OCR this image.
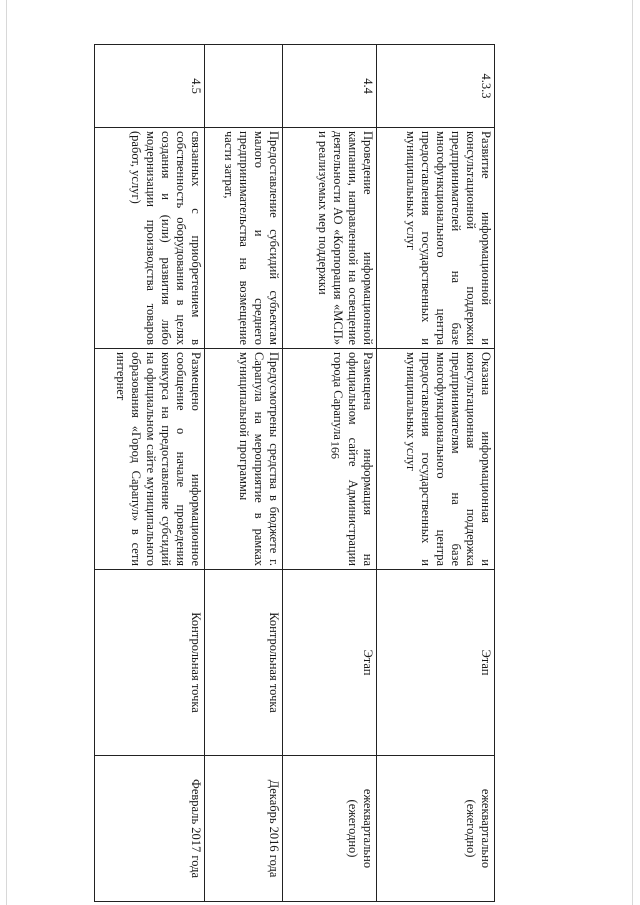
166
4.3.3	Развитие информационной и консультационной поддержки предпринимателей на базе многофункционального центра предоставления государственных и муниципальных услуг	Оказана информационная и консультационная поддержка предпринимателям на базе многофункционального центра предоставления государственных и муниципальных услуг	Этап	ежеквартально (ежегодно)
4.4	Проведение информационной кампании, направленной на освещение деятельности АО «Корпорация «МСП» и реализуемых мер поддержки	Размещена информация на официальном сайте Администрации города Сарапула	Этап	ежеквартально (ежегодно)
	Предоставление субсидий субъектам малого и среднего предпринимательства на возмещение части затрат,	Предусмотрены средства в бюджете г. Сарапула на мероприятие в рамках муниципальной программы	Контрольная точка	Декабрь 2016 года
4.5	связанных с приобретением в собственность оборудования в целях создания и (или) развития либо модернизации производства товаров (работ, услуг)	Размещено информационное сообщение о начале проведения конкурса на предоставление субсидий на официальном сайте муниципального образования «Город Сарапул» в сети интернет	Контрольная точка	Февраль 2017 года
